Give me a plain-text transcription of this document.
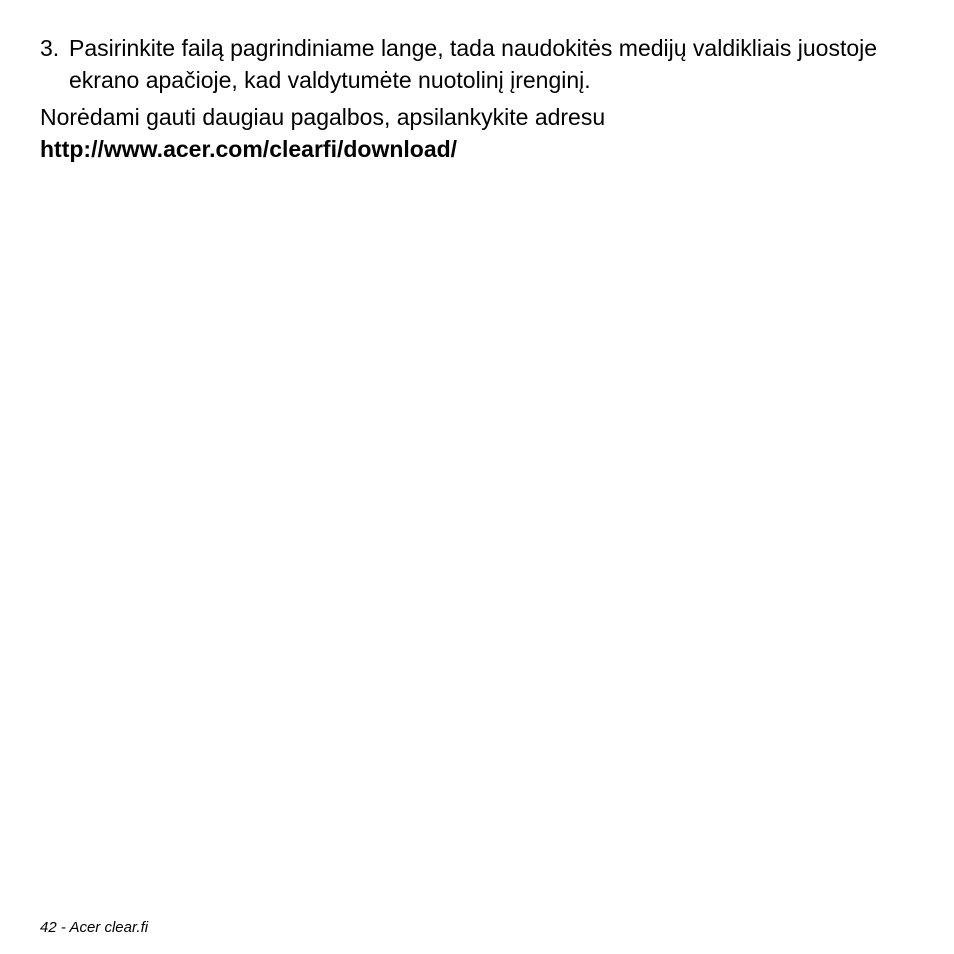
3. Pasirinkite failą pagrindiniame lange, tada naudokitės medijų valdikliais juostoje ekrano apačioje, kad valdytumėte nuotolinį įrenginį.
Norėdami gauti daugiau pagalbos, apsilankykite adresu
http://www.acer.com/clearfi/download/
42 - Acer clear.fi
